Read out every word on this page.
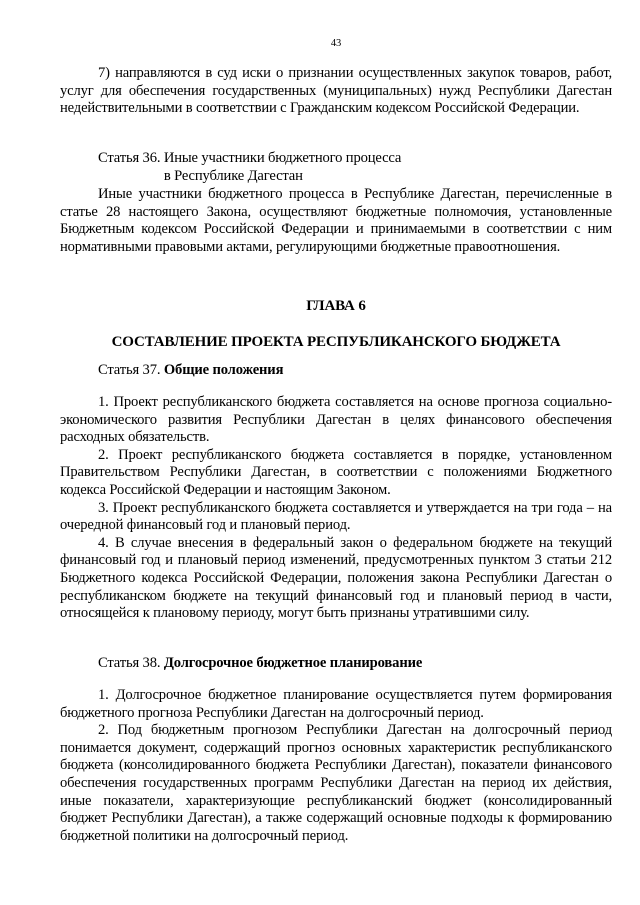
43

7) направляются в суд иски о признании осуществленных закупок товаров, работ, услуг для обеспечения государственных (муниципальных) нужд Республики Дагестан недействительными в соответствии с Гражданским кодексом Российской Федерации.

Статья 36. Иные участники бюджетного процесса
в Республике Дагестан

Иные участники бюджетного процесса в Республике Дагестан, перечисленные в статье 28 настоящего Закона, осуществляют бюджетные полномочия, установленные Бюджетным кодексом Российской Федерации и принимаемыми в соответствии с ним нормативными правовыми актами, регулирующими бюджетные правоотношения.

ГЛАВА 6
СОСТАВЛЕНИЕ ПРОЕКТА РЕСПУБЛИКАНСКОГО БЮДЖЕТА
Статья 37. Общие положения

1. Проект республиканского бюджета составляется на основе прогноза социально-экономического развития Республики Дагестан в целях финансового обеспечения расходных обязательств.

2. Проект республиканского бюджета составляется в порядке, установленном Правительством Республики Дагестан, в соответствии с положениями Бюджетного кодекса Российской Федерации и настоящим Законом.

3. Проект республиканского бюджета составляется и утверждается на три года – на очередной финансовый год и плановый период.

4. В случае внесения в федеральный закон о федеральном бюджете на текущий финансовый год и плановый период изменений, предусмотренных пунктом 3 статьи 212 Бюджетного кодекса Российской Федерации, положения закона Республики Дагестан о республиканском бюджете на текущий финансовый год и плановый период в части, относящейся к плановому периоду, могут быть признаны утратившими силу.

Статья 38. Долгосрочное бюджетное планирование

1. Долгосрочное бюджетное планирование осуществляется путем формирования бюджетного прогноза Республики Дагестан на долгосрочный период.

2. Под бюджетным прогнозом Республики Дагестан на долгосрочный период понимается документ, содержащий прогноз основных характеристик республиканского бюджета (консолидированного бюджета Республики Дагестан), показатели финансового обеспечения государственных программ Республики Дагестан на период их действия, иные показатели, характеризующие республиканский бюджет (консолидированный бюджет Республики Дагестан), а также содержащий основные подходы к формированию бюджетной политики на долгосрочный период.
